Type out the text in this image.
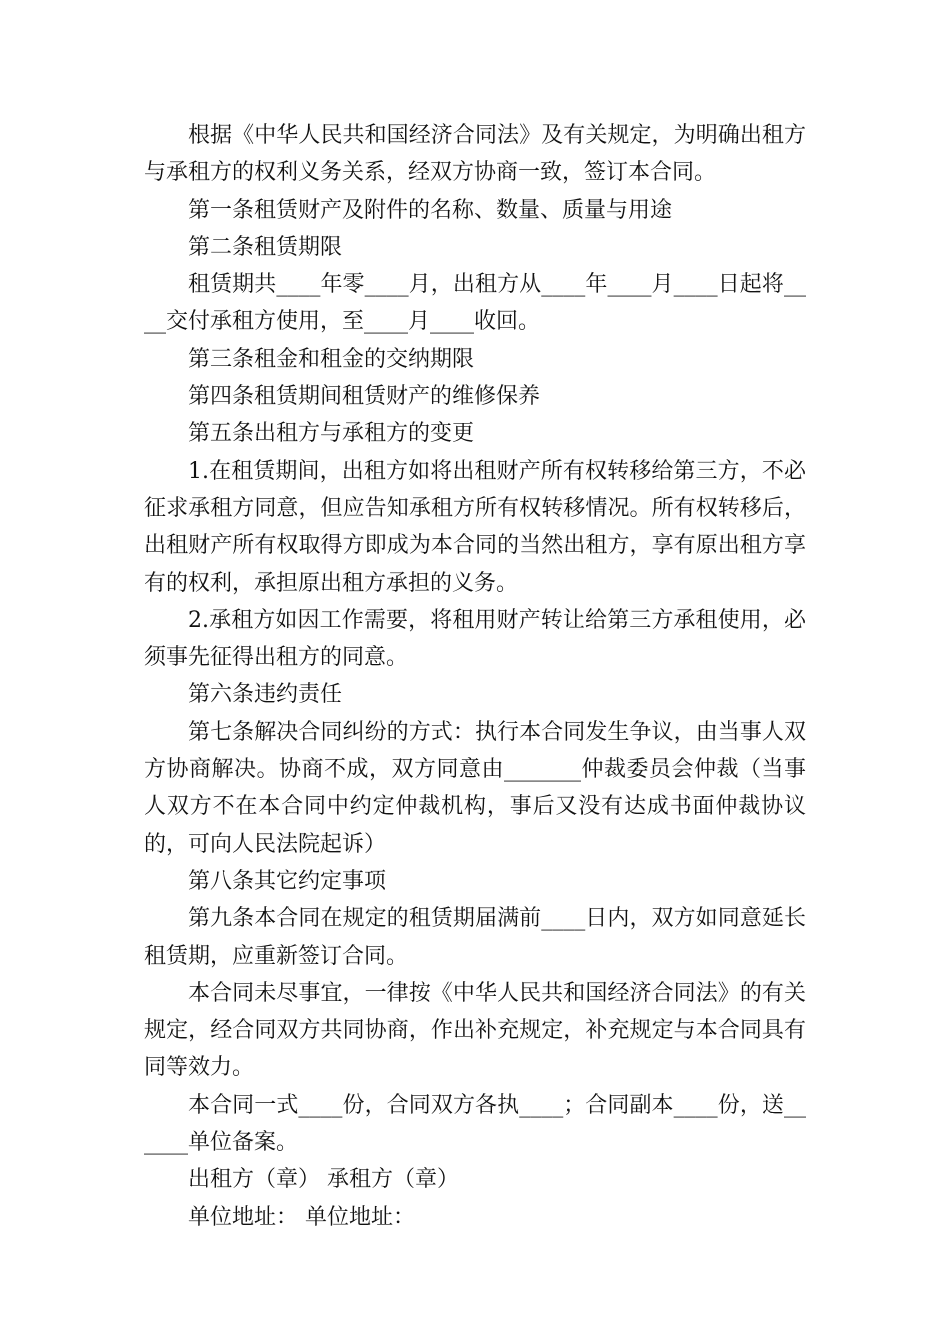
根据《中华人民共和国经济合同法》及有关规定，为明确出租方与承租方的权利义务关系，经双方协商一致，签订本合同。

第一条租赁财产及附件的名称、数量、质量与用途

第二条租赁期限

租赁期共____年零____月，出租方从____年____月____日起将____交付承租方使用，至____月____收回。

第三条租金和租金的交纳期限

第四条租赁期间租赁财产的维修保养

第五条出租方与承租方的变更

1.在租赁期间，出租方如将出租财产所有权转移给第三方，不必征求承租方同意，但应告知承租方所有权转移情况。所有权转移后，出租财产所有权取得方即成为本合同的当然出租方，享有原出租方享有的权利，承担原出租方承担的义务。

2.承租方如因工作需要，将租用财产转让给第三方承租使用，必须事先征得出租方的同意。

第六条违约责任

第七条解决合同纠纷的方式：执行本合同发生争议，由当事人双方协商解决。协商不成，双方同意由_______仲裁委员会仲裁（当事人双方不在本合同中约定仲裁机构，事后又没有达成书面仲裁协议的，可向人民法院起诉）

第八条其它约定事项

第九条本合同在规定的租赁期届满前____日内，双方如同意延长租赁期，应重新签订合同。

本合同未尽事宜，一律按《中华人民共和国经济合同法》的有关规定，经合同双方共同协商，作出补充规定，补充规定与本合同具有同等效力。

本合同一式____份，合同双方各执____；合同副本____份，送______单位备案。

出租方（章） 承租方（章）

单位地址： 单位地址：
